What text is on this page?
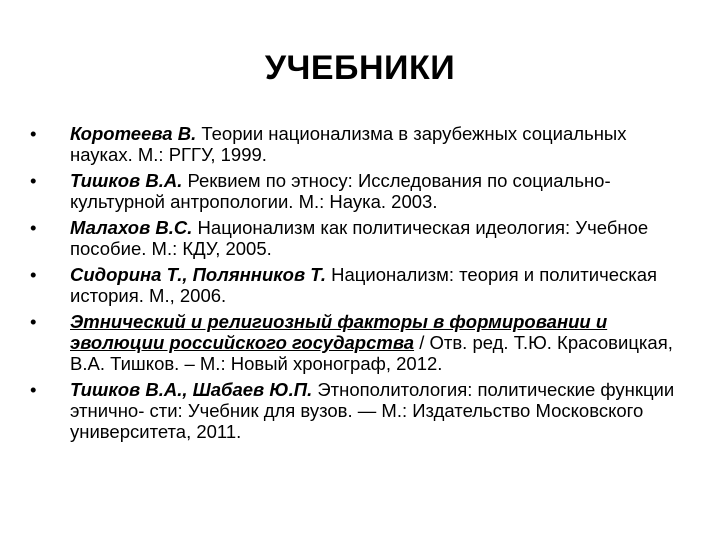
УЧЕБНИКИ
• Коротеева В. Теории национализма в зарубежных социальных науках. М.: РГГУ, 1999.
• Тишков В.А. Реквием по этносу: Исследования по социально-культурной антропологии. М.: Наука. 2003.
• Малахов В.С. Национализм как политическая идеология: Учебное пособие. М.: КДУ, 2005.
• Сидорина Т., Полянников Т. Национализм: теория и политическая история. М., 2006.
• Этнический и религиозный факторы в формировании и эволюции российского государства / Отв. ред. Т.Ю. Красовицкая, В.А. Тишков. – М.: Новый хронограф, 2012.
• Тишков В.А., Шабаев Ю.П. Этнополитология: политические функции этнично- сти: Учебник для вузов. — М.: Издательство Московского университета, 2011.
